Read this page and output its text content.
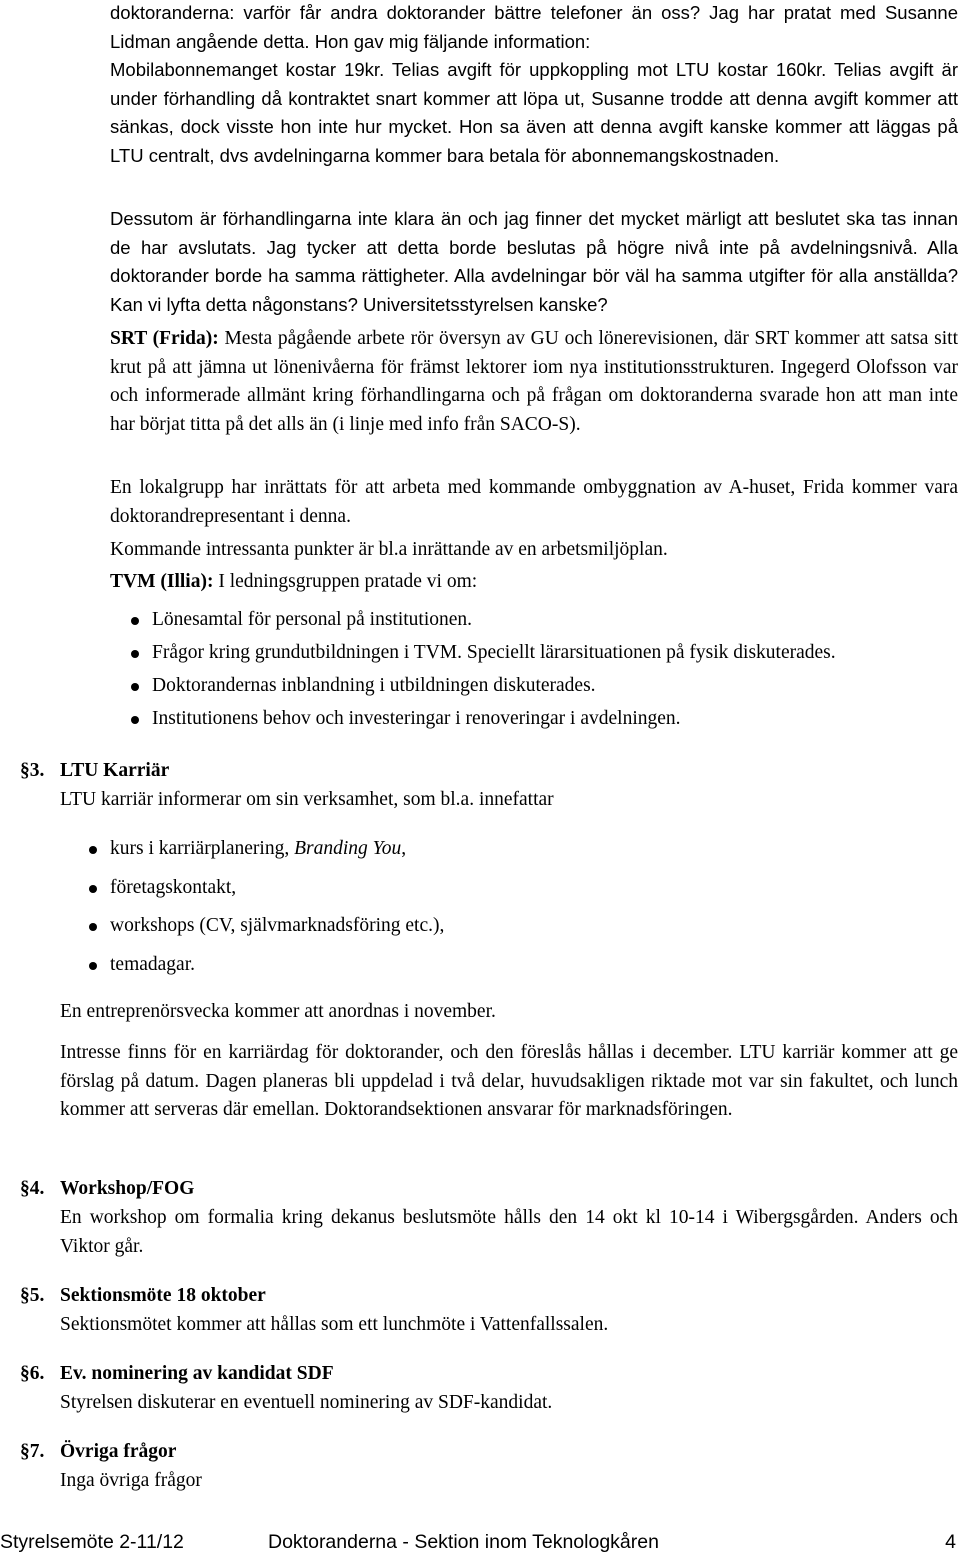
doktoranderna: varför får andra doktorander bättre telefoner än oss? Jag har pratat med Susanne Lidman angående detta. Hon gav mig fäljande information:

Mobilabonnemanget kostar 19kr. Telias avgift för uppkoppling mot LTU kostar 160kr. Telias avgift är under förhandling då kontraktet snart kommer att löpa ut, Susanne trodde att denna avgift kommer att sänkas, dock visste hon inte hur mycket. Hon sa även att denna avgift kanske kommer att läggas på LTU centralt, dvs avdelningarna kommer bara betala för abonnemangskostnaden.

Dessutom är förhandlingarna inte klara än och jag finner det mycket märligt att beslutet ska tas innan de har avslutats. Jag tycker att detta borde beslutas på högre nivå inte på avdelningsnivå. Alla doktorander borde ha samma rättigheter. Alla avdelningar bör väl ha samma utgifter för alla anställda? Kan vi lyfta detta någonstans? Universitetsstyrelsen kanske?

SRT (Frida): Mesta pågående arbete rör översyn av GU och lönerevisionen, där SRT kommer att satsa sitt krut på att jämna ut lönenivåerna för främst lektorer iom nya institutionsstrukturen. Ingegerd Olofsson var och informerade allmänt kring förhandlingarna och på frågan om doktoranderna svarade hon att man inte har börjat titta på det alls än (i linje med info från SACO-S).

En lokalgrupp har inrättats för att arbeta med kommande ombyggnation av A-huset, Frida kommer vara doktorandrepresentant i denna.

Kommande intressanta punkter är bl.a inrättande av en arbetsmiljöplan.

TVM (Illia): I ledningsgruppen pratade vi om:

Lönesamtal för personal på institutionen.
Frågor kring grundutbildningen i TVM. Speciellt lärarsituationen på fysik diskuterades.
Doktorandernas inblandning i utbildningen diskuterades.
Institutionens behov och investeringar i renoveringar i avdelningen.
§3. LTU Karriär

LTU karriär informerar om sin verksamhet, som bl.a. innefattar

kurs i karriärplanering, Branding You,
företagskontakt,
workshops (CV, självmarknadsföring etc.),
temadagar.

En entreprenörsvecka kommer att anordnas i november.

Intresse finns för en karriärdag för doktorander, och den föreslås hållas i december. LTU karriär kommer att ge förslag på datum. Dagen planeras bli uppdelad i två delar, huvudsakligen riktade mot var sin fakultet, och lunch kommer att serveras där emellan. Doktorandsektionen ansvarar för marknadsföringen.

§4. Workshop/FOG

En workshop om formalia kring dekanus beslutsmöte hålls den 14 okt kl 10-14 i Wibergsgården. Anders och Viktor går.

§5. Sektionsmöte 18 oktober

Sektionsmötet kommer att hållas som ett lunchmöte i Vattenfallssalen.

§6. Ev. nominering av kandidat SDF

Styrelsen diskuterar en eventuell nominering av SDF-kandidat.

§7. Övriga frågor

Inga övriga frågor

Styrelsemöte 2-11/12	Doktoranderna - Sektion inom Teknologkåren	4
